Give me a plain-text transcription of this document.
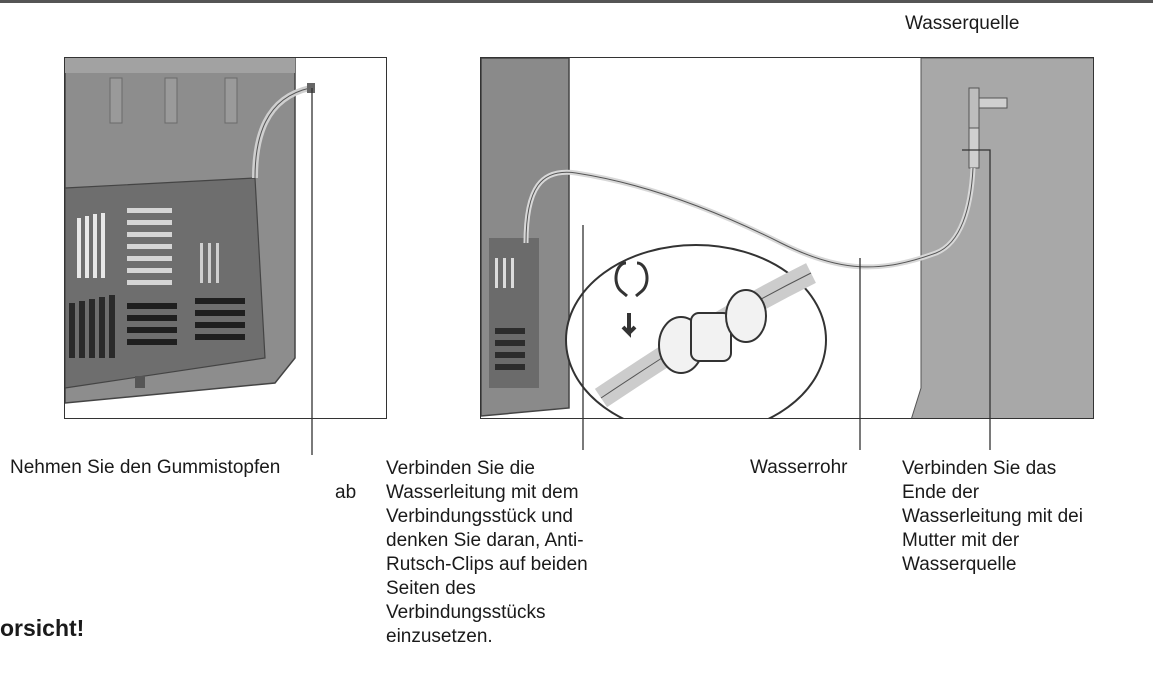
Wasserquelle
Nehmen Sie den Gummistopfen
ab
Verbinden Sie die
Wasserleitung mit dem
Verbindungsstück und
denken Sie daran, Anti-
Rutsch-Clips auf beiden
Seiten des
Verbindungsstücks
einzusetzen.
Wasserrohr	Verbinden Sie das
Ende der
Wasserleitung mit dei
Mutter mit der
Wasserquelle
orsicht!
